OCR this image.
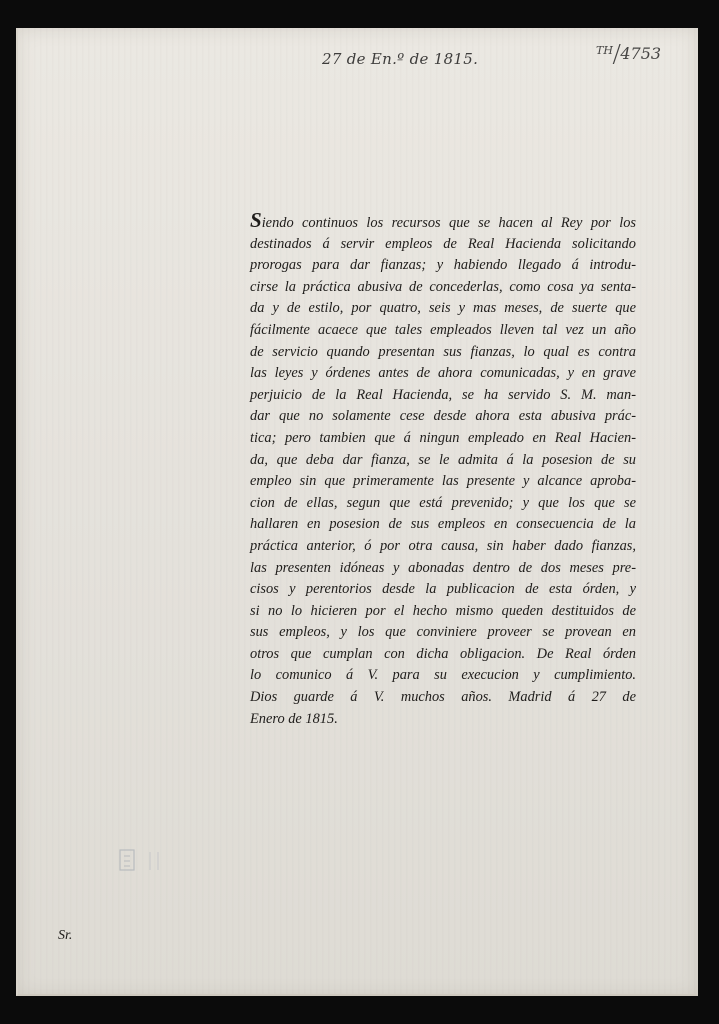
27 de En.º de 1815.	$^{TH}$/4753
Siendo continuos los recursos que se hacen al Rey por los
destinados á servir empleos de Real Hacienda solicitando
prorogas para dar fianzas; y habiendo llegado á introdu-
cirse la práctica abusiva de concederlas, como cosa ya senta-
da y de estilo, por quatro, seis y mas meses, de suerte que
fácilmente acaece que tales empleados lleven tal vez un año
de servicio quando presentan sus fianzas, lo qual es contra
las leyes y órdenes antes de ahora comunicadas, y en grave
perjuicio de la Real Hacienda, se ha servido S. M. man-
dar que no solamente cese desde ahora esta abusiva prác-
tica; pero tambien que á ningun empleado en Real Hacien-
da, que deba dar fianza, se le admita á la posesion de su
empleo sin que primeramente las presente y alcance aproba-
cion de ellas, segun que está prevenido; y que los que se
hallaren en posesion de sus empleos en consecuencia de la
práctica anterior, ó por otra causa, sin haber dado fianzas,
las presenten idóneas y abonadas dentro de dos meses pre-
cisos y perentorios desde la publicacion de esta órden, y
si no lo hicieren por el hecho mismo queden destituidos de
sus empleos, y los que conviniere proveer se provean en
otros que cumplan con dicha obligacion. De Real órden
lo comunico á V. para su execucion y cumplimiento.
Dios guarde á V. muchos años. Madrid á 27 de
Enero de 1815.
Sr.
